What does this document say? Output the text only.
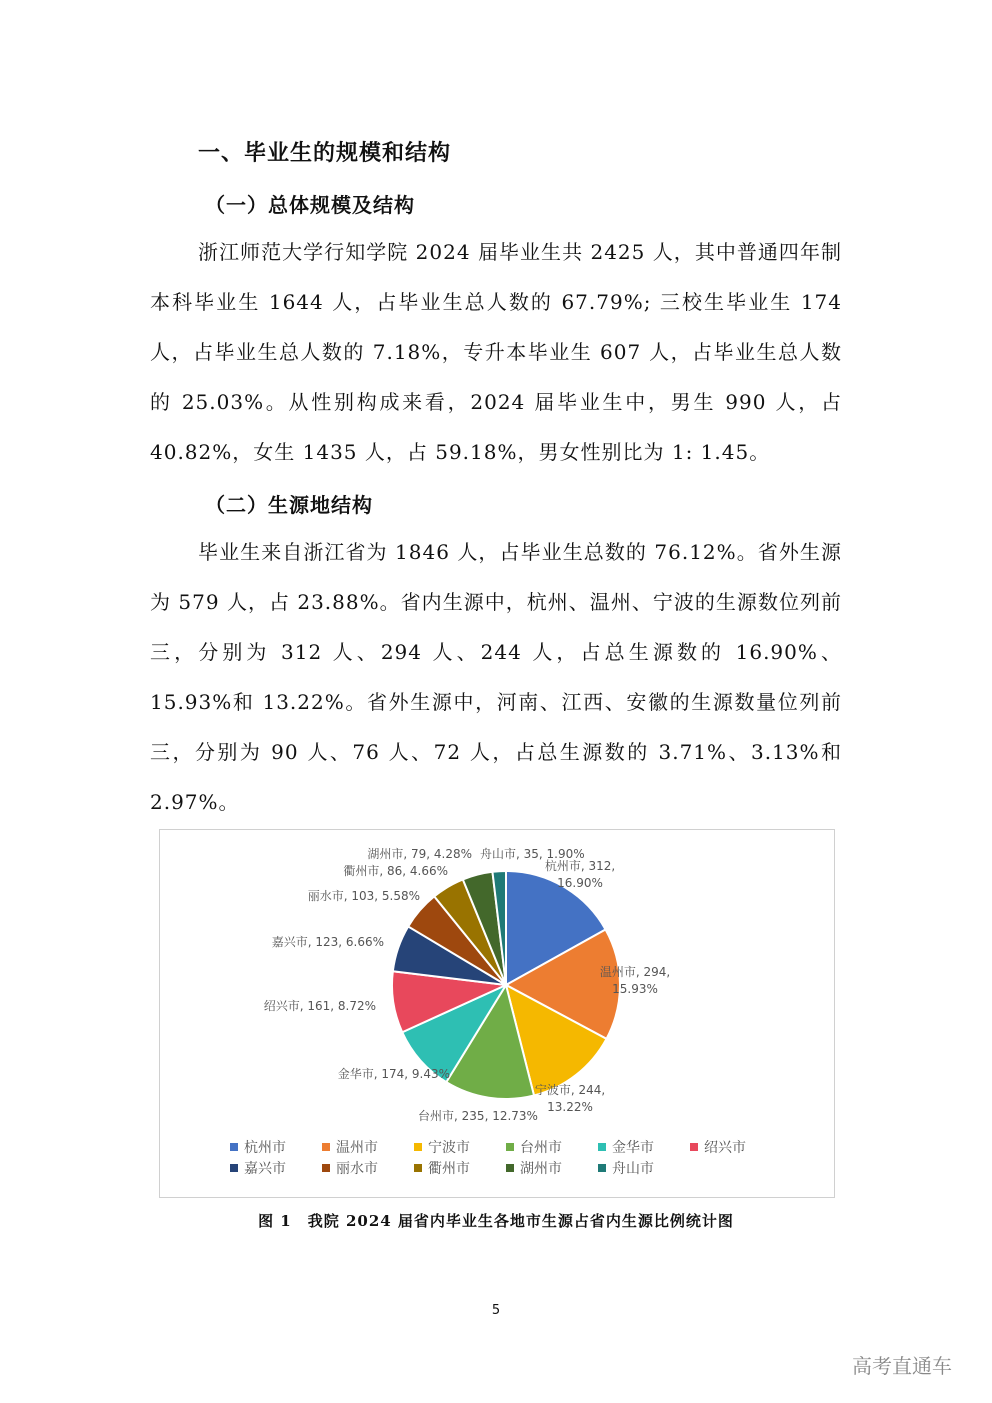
一、毕业生的规模和结构
（一）总体规模及结构

浙江师范大学行知学院 2024 届毕业生共 2425 人，其中普通四年制本科毕业生 1644 人，占毕业生总人数的 67.79%; 三校生毕业生 174 人，占毕业生总人数的 7.18%，专升本毕业生 607 人，占毕业生总人数的 25.03%。从性别构成来看，2024 届毕业生中，男生 990 人，占 40.82%，女生 1435 人，占 59.18%，男女性别比为 1: 1.45。

（二）生源地结构

毕业生来自浙江省为 1846 人，占毕业生总数的 76.12%。省外生源为 579 人，占 23.88%。省内生源中，杭州、温州、宁波的生源数位列前三，分别为 312 人、294 人、244 人，占总生源数的 16.90%、15.93%和 13.22%。省外生源中，河南、江西、安徽的生源数量位列前三，分别为 90 人、76 人、72 人，占总生源数的 3.71%、3.13%和 2.97%。

杭州市, 312, 16.90%
温州市, 294, 15.93%
宁波市, 244, 13.22%
台州市, 235, 12.73%
金华市, 174, 9.43%
绍兴市, 161, 8.72%
嘉兴市, 123, 6.66%
丽水市, 103, 5.58%
衢州市, 86, 4.66%
湖州市, 79, 4.28% 舟山市, 35, 1.90%
杭州市	温州市	宁波市	台州市	金华市	绍兴市
嘉兴市	丽水市	衢州市	湖州市	舟山市
图 1　我院 2024 届省内毕业生各地市生源占省内生源比例统计图
5
高考直通车
